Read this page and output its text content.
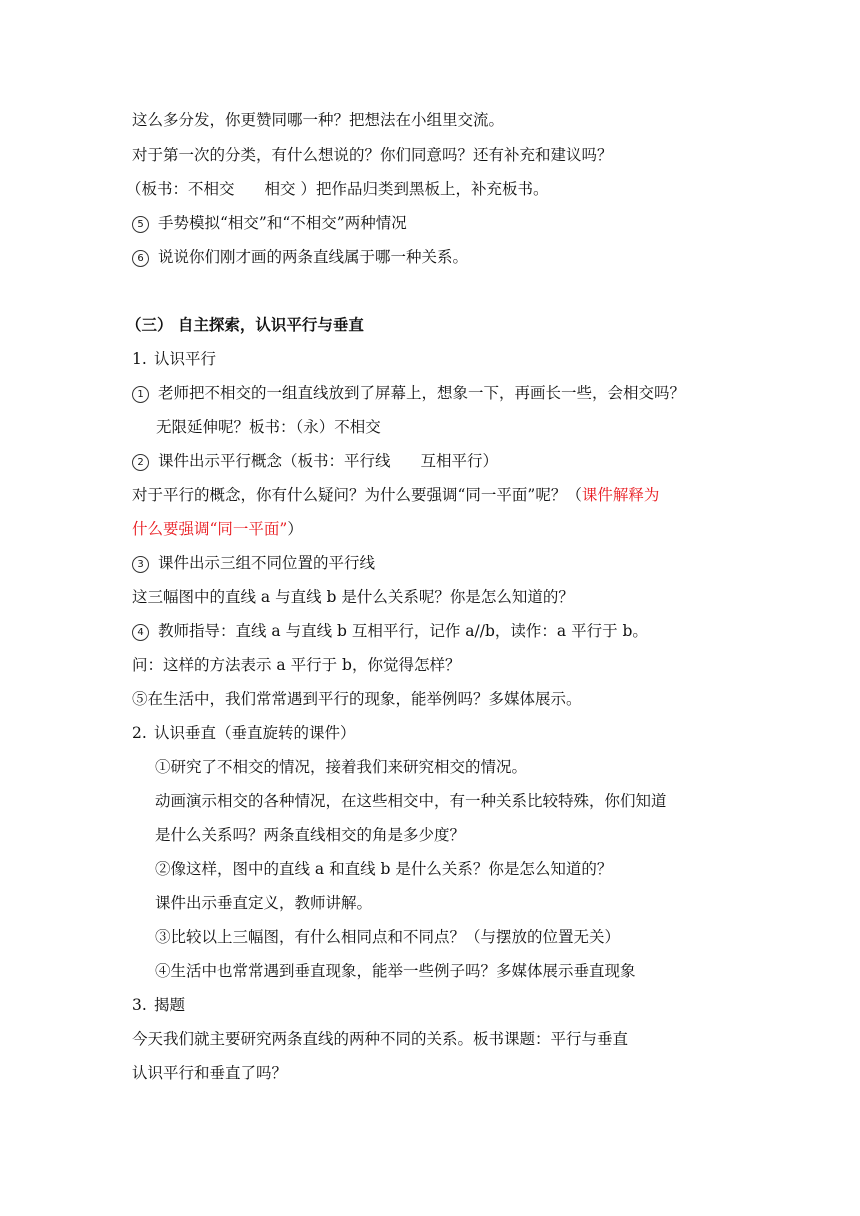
这么多分发，你更赞同哪一种？把想法在小组里交流。
对于第一次的分类，有什么想说的？你们同意吗？还有补充和建议吗？
（板书：不相交 相交 ）把作品归类到黑板上，补充板书。
5 手势模拟“相交”和“不相交”两种情况
6 说说你们刚才画的两条直线属于哪一种关系。
（三） 自主探索，认识平行与垂直
1. 认识平行
1 老师把不相交的一组直线放到了屏幕上，想象一下，再画长一些，会相交吗？
无限延伸呢？板书：（永）不相交
2 课件出示平行概念（板书：平行线 互相平行）
对于平行的概念，你有什么疑问？为什么要强调“同一平面”呢？（课件解释为
什么要强调“同一平面”）
3 课件出示三组不同位置的平行线
这三幅图中的直线 a 与直线 b 是什么关系呢？你是怎么知道的？
4 教师指导：直线 a 与直线 b 互相平行，记作 a//b，读作：a 平行于 b。
问：这样的方法表示 a 平行于 b，你觉得怎样？
⑤在生活中，我们常常遇到平行的现象，能举例吗？多媒体展示。
2. 认识垂直（垂直旋转的课件）
①研究了不相交的情况，接着我们来研究相交的情况。
动画演示相交的各种情况，在这些相交中，有一种关系比较特殊，你们知道
是什么关系吗？两条直线相交的角是多少度？
②像这样，图中的直线 a 和直线 b 是什么关系？你是怎么知道的？
课件出示垂直定义，教师讲解。
③比较以上三幅图，有什么相同点和不同点？（与摆放的位置无关）
④生活中也常常遇到垂直现象，能举一些例子吗？多媒体展示垂直现象
3. 揭题
今天我们就主要研究两条直线的两种不同的关系。板书课题：平行与垂直
认识平行和垂直了吗？
